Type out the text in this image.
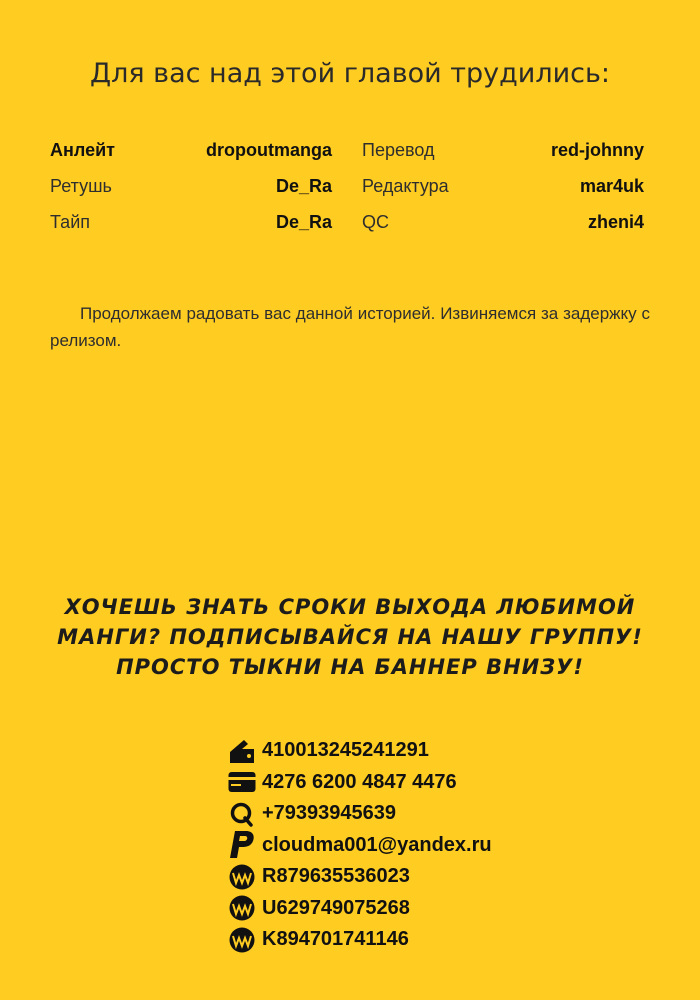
Для вас над этой главой трудились:
Анлейт	dropoutmanga Перевод	red-johnny
Ретушь	De_Ra Редактура	mar4uk
Тайп	De_Ra QC	zheni4
Продолжаем радовать вас данной историей. Извиняемся за задержку с релизом.
ХОЧЕШЬ ЗНАТЬ СРОКИ ВЫХОДА ЛЮБИМОЙ
МАНГИ? ПОДПИСЫВАЙСЯ НА НАШУ ГРУППУ!
ПРОСТО ТЫКНИ НА БАННЕР ВНИЗУ!
410013245241291
4276 6200 4847 4476
+79393945639
cloudma001@yandex.ru
R879635536023
U629749075268
K894701741146
